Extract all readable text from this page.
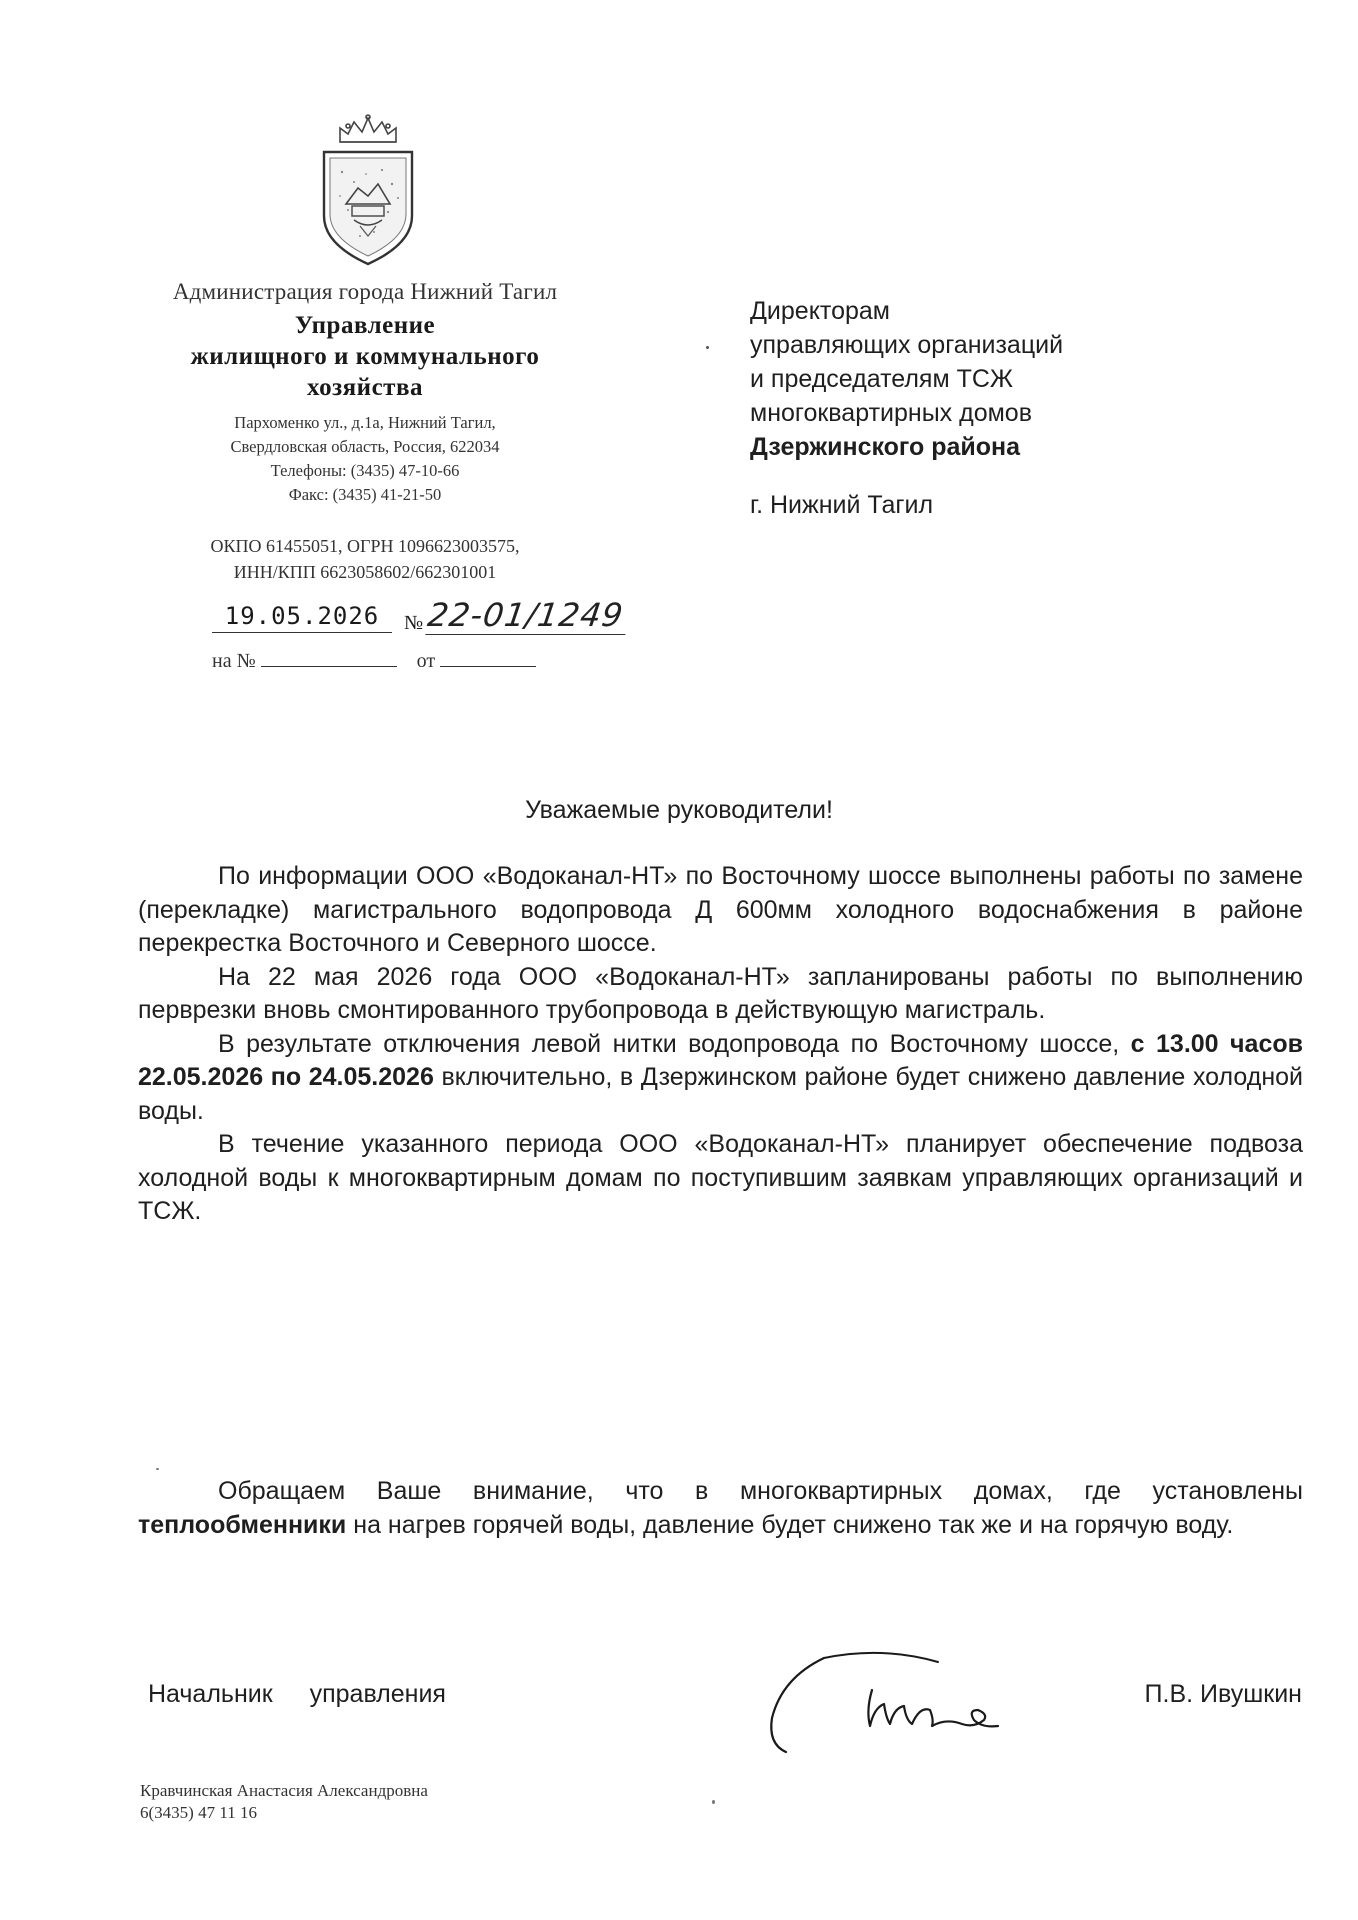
Администрация города Нижний Тагил

Управление
жилищного и коммунального
хозяйства

Пархоменко ул., д.1а, Нижний Тагил,

Свердловская область, Россия, 622034

Телефоны: (3435) 47-10-66

Факс: (3435) 41-21-50

ОКПО 61455051, ОГРН 1096623003575,

ИНН/КПП 6623058602/662301001

19.05.2026	№ 22-01/1249
на №	от

Директорам

управляющих организаций

и председателям ТСЖ

многоквартирных домов

Дзержинского района

г. Нижний Тагил

Уважаемые руководители!

По информации ООО «Водоканал-НТ» по Восточному шоссе выполнены работы по замене (перекладке) магистрального водопровода Д 600мм холодного водоснабжения в районе перекрестка Восточного и Северного шоссе.

На 22 мая 2026 года ООО «Водоканал-НТ» запланированы работы по выполнению перврезки вновь смонтированного трубопровода в действующую магистраль.

В результате отключения левой нитки водопровода по Восточному шоссе, с 13.00 часов 22.05.2026 по 24.05.2026 включительно, в Дзержинском районе будет снижено давление холодной воды.

В течение указанного периода ООО «Водоканал-НТ» планирует обеспечение подвоза холодной воды к многоквартирным домам по поступившим заявкам управляющих организаций и ТСЖ.

Обращаем Ваше внимание, что в многоквартирных домах, где установлены теплообменники на нагрев горячей воды, давление будет снижено так же и на горячую воду.

Начальник управления	П.В. Ивушкин

Кравчинская Анастасия Александровна

6(3435) 47 11 16
